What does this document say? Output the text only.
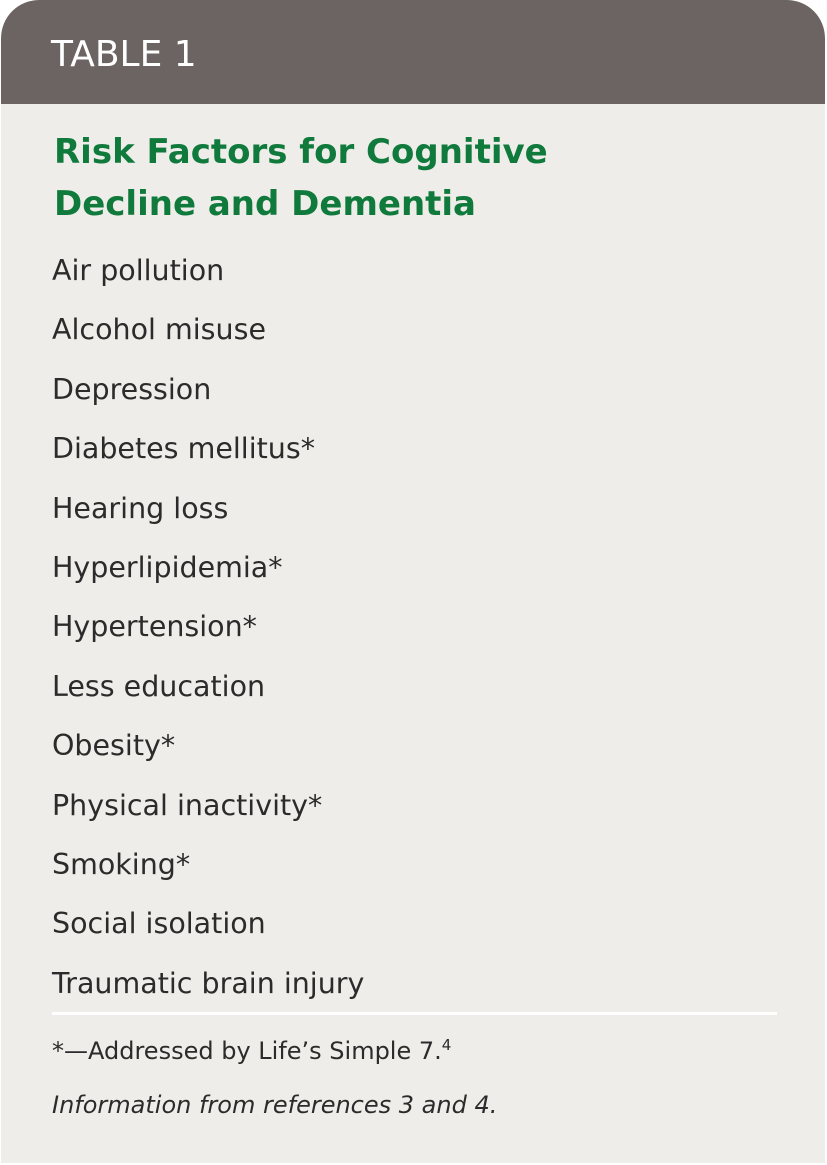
TABLE 1
Risk Factors for Cognitive
Decline and Dementia
Air pollution
Alcohol misuse
Depression
Diabetes mellitus*
Hearing loss
Hyperlipidemia*
Hypertension*
Less education
Obesity*
Physical inactivity*
Smoking*
Social isolation
Traumatic brain injury
*—Addressed by Life’s Simple 7.$^4$
Information from references 3 and 4.
